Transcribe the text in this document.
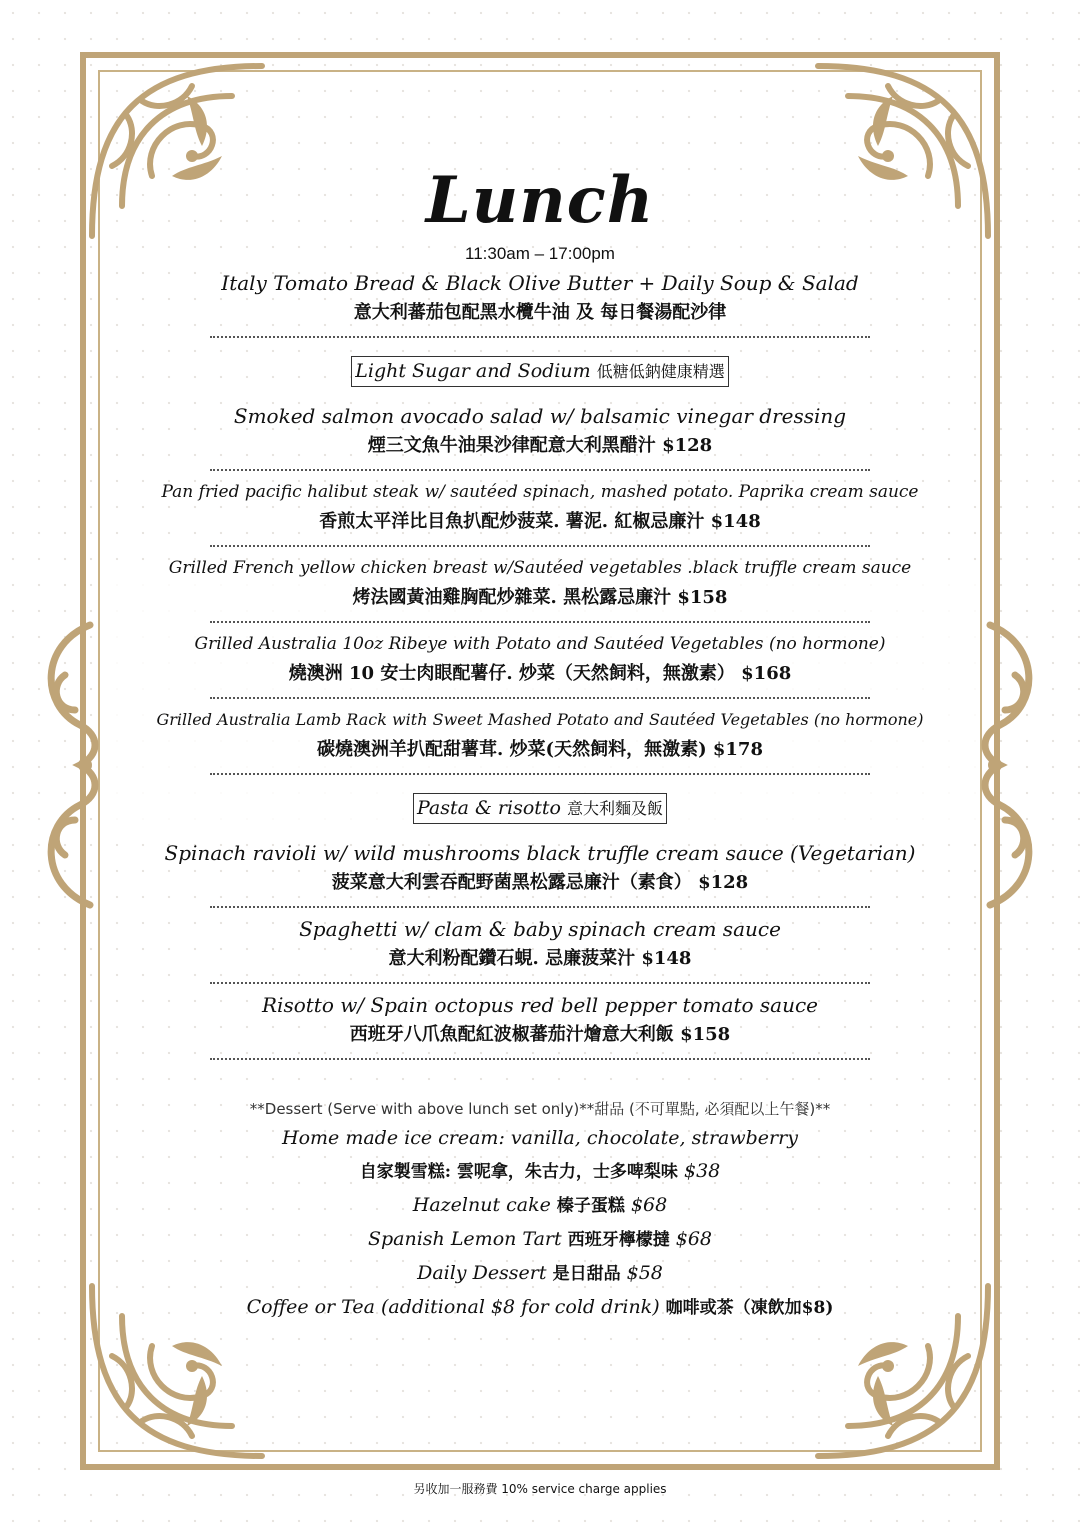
Lunch
11:30am – 17:00pm
Italy Tomato Bread & Black Olive Butter + Daily Soup & Salad
意大利蕃茄包配黑水欖牛油 及 每日餐湯配沙律
Light Sugar and Sodium 低糖低鈉健康精選
Smoked salmon avocado salad w/ balsamic vinegar dressing
煙三文魚牛油果沙律配意大利黑醋汁 $128
Pan fried pacific halibut steak w/ sautéed spinach, mashed potato. Paprika cream sauce
香煎太平洋比目魚扒配炒菠菜. 薯泥. 紅椒忌廉汁 $148
Grilled French yellow chicken breast w/Sautéed vegetables .black truffle cream sauce
烤法國黃油雞胸配炒雜菜. 黑松露忌廉汁 $158
Grilled Australia 10oz Ribeye with Potato and Sautéed Vegetables (no hormone)
燒澳洲 10 安士肉眼配薯仔. 炒菜（天然飼料，無激素） $168
Grilled Australia Lamb Rack with Sweet Mashed Potato and Sautéed Vegetables (no hormone)
碳燒澳洲羊扒配甜薯茸. 炒菜(天然飼料，無激素) $178
Pasta & risotto 意大利麵及飯
Spinach ravioli w/ wild mushrooms black truffle cream sauce (Vegetarian)
菠菜意大利雲吞配野菌黑松露忌廉汁（素食） $128
Spaghetti w/ clam & baby spinach cream sauce
意大利粉配鑽石蜆. 忌廉菠菜汁 $148
Risotto w/ Spain octopus red bell pepper tomato sauce
西班牙八爪魚配紅波椒蕃茄汁燴意大利飯 $158
**Dessert (Serve with above lunch set only)**甜品 (不可單點, 必須配以上午餐)**
Home made ice cream: vanilla, chocolate, strawberry
自家製雪糕: 雲呢拿，朱古力，士多啤梨味 $38
Hazelnut cake 榛子蛋糕 $68
Spanish Lemon Tart 西班牙檸檬撻 $68
Daily Dessert 是日甜品 $58
Coffee or Tea (additional $8 for cold drink) 咖啡或茶（凍飲加$8)
另收加一服務費 10% service charge applies
